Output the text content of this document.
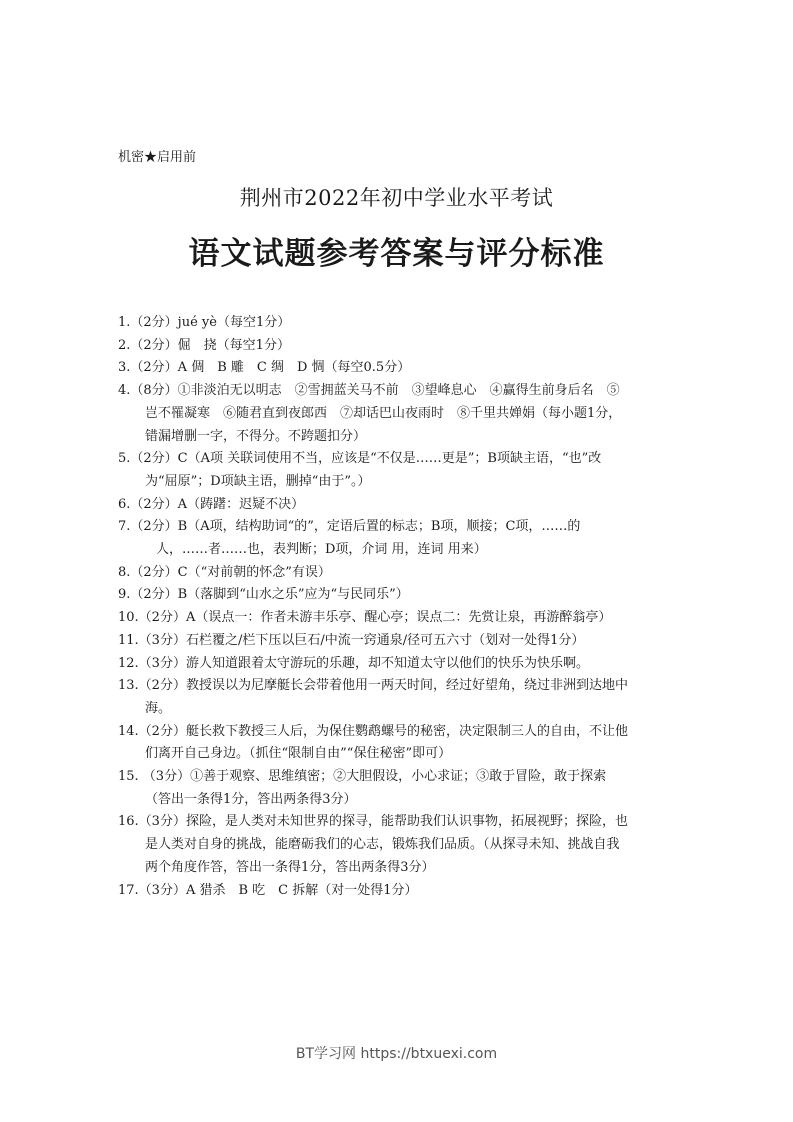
机密★启用前
荆州市2022年初中学业水平考试
语文试题参考答案与评分标准
1.（2分）jué yè（每空1分）
2.（2分）倔　挠（每空1分）
3.（2分）A 倜　B 雕　C 绸　D 惆（每空0.5分）
4.（8分）①非淡泊无以明志　②雪拥蓝关马不前　③望峰息心　④赢得生前身后名　⑤
岂不罹凝寒　⑥随君直到夜郎西　⑦却话巴山夜雨时　⑧千里共婵娟（每小题1分，
错漏增删一字，不得分。不跨题扣分）
5.（2分）C（A项 关联词使用不当，应该是“不仅是……更是”；B项缺主语，“也”改
为“屈原”；D项缺主语，删掉“由于”。）
6.（2分）A（踌躇：迟疑不决）
7.（2分）B（A项，结构助词“的”，定语后置的标志；B项，顺接；C项，……的
人，……者……也，表判断；D项，介词 用，连词 用来）
8.（2分）C（“对前朝的怀念”有误）
9.（2分）B（落脚到“山水之乐”应为“与民同乐”）
10.（2分）A（误点一：作者未游丰乐亭、醒心亭；误点二：先赏让泉，再游醉翁亭）
11.（3分）石栏覆之/栏下压以巨石/中流一窍通泉/径可五六寸（划对一处得1分）
12.（3分）游人知道跟着太守游玩的乐趣，却不知道太守以他们的快乐为快乐啊。
13.（2分）教授误以为尼摩艇长会带着他用一两天时间，经过好望角，绕过非洲到达地中
海。
14.（2分）艇长救下教授三人后，为保住鹦鹉螺号的秘密，决定限制三人的自由，不让他
们离开自己身边。（抓住“限制自由”“保住秘密”即可）
15. （3分）①善于观察、思维缜密；②大胆假设，小心求证；③敢于冒险，敢于探索
（答出一条得1分，答出两条得3分）
16.（3分）探险，是人类对未知世界的探寻，能帮助我们认识事物，拓展视野；探险，也
是人类对自身的挑战，能磨砺我们的心志，锻炼我们品质。（从探寻未知、挑战自我
两个角度作答，答出一条得1分，答出两条得3分）
17.（3分）A 猎杀　B 吃　C 拆解（对一处得1分）
BT学习网 https://btxuexi.com
